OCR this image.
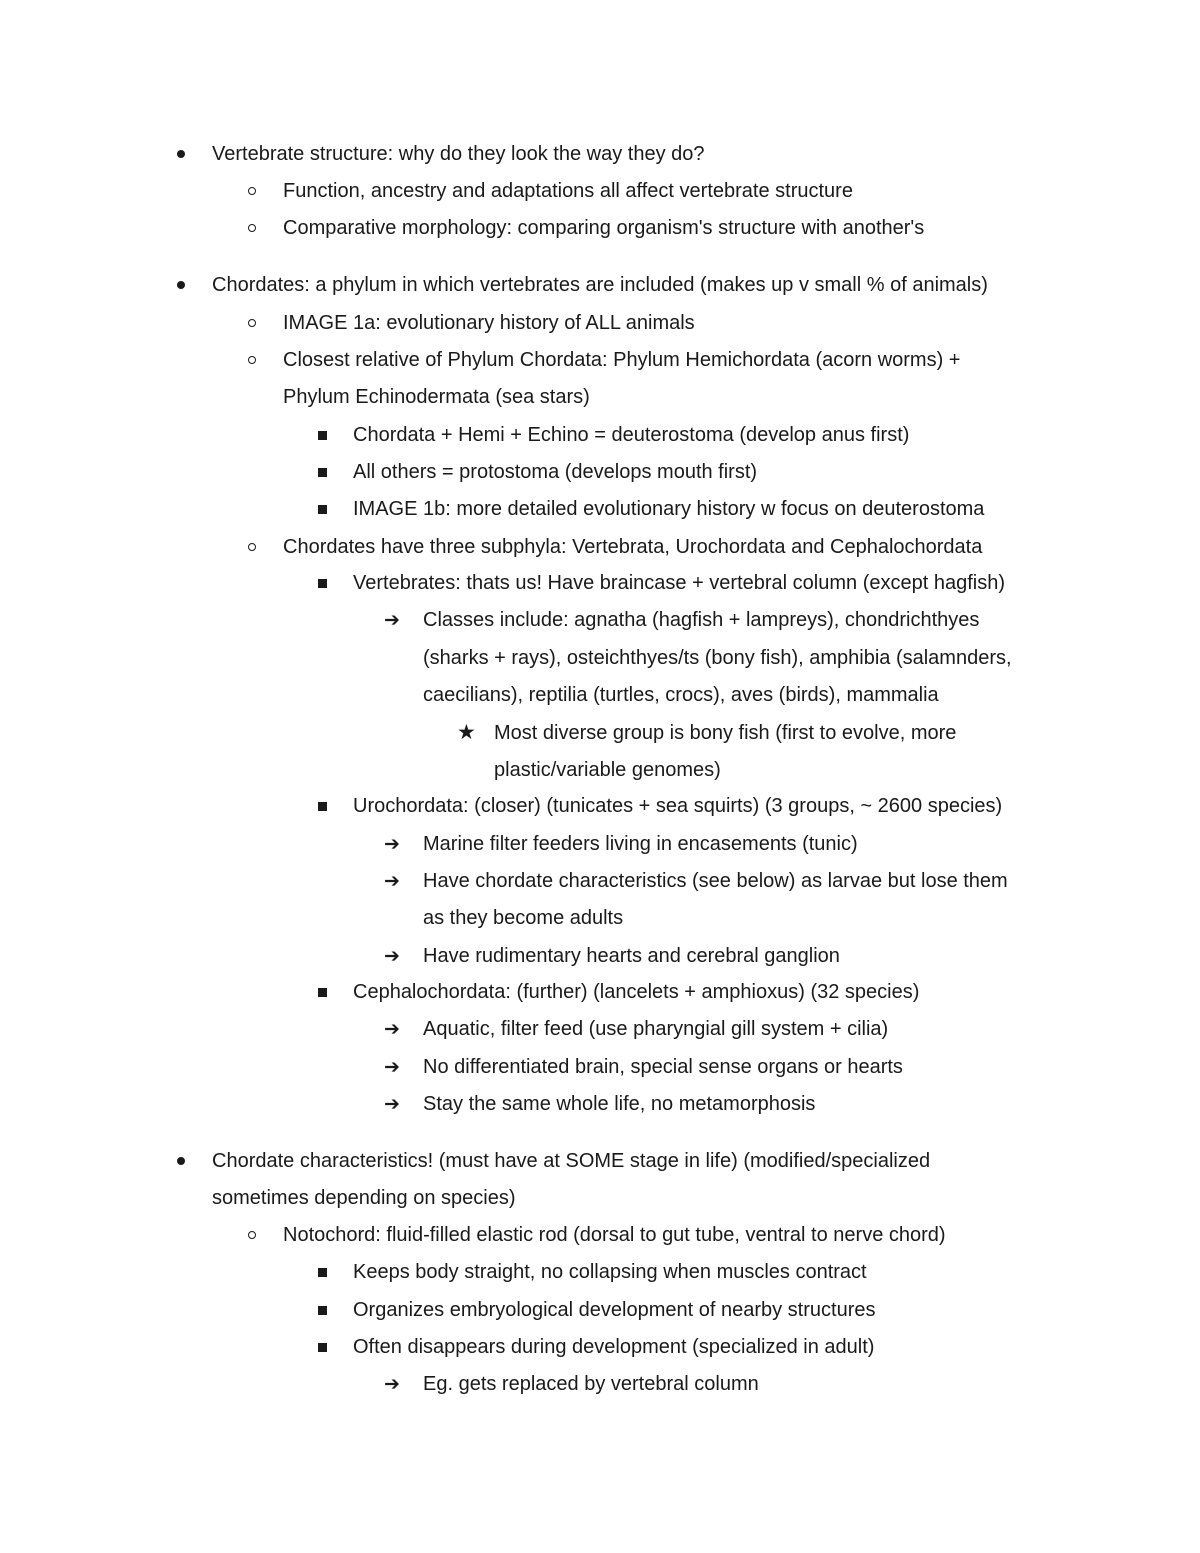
Vertebrate structure: why do they look the way they do?
Function, ancestry and adaptations all affect vertebrate structure
Comparative morphology: comparing organism's structure with another's
Chordates: a phylum in which vertebrates are included (makes up v small % of animals)
IMAGE 1a: evolutionary history of ALL animals
Closest relative of Phylum Chordata: Phylum Hemichordata (acorn worms) +
Phylum Echinodermata (sea stars)
Chordata + Hemi + Echino = deuterostoma (develop anus first)
All others = protostoma (develops mouth first)
IMAGE 1b: more detailed evolutionary history w focus on deuterostoma
Chordates have three subphyla: Vertebrata, Urochordata and Cephalochordata
Vertebrates: thats us! Have braincase + vertebral column (except hagfish)
➔ Classes include: agnatha (hagfish + lampreys), chondrichthyes
(sharks + rays), osteichthyes/ts (bony fish), amphibia (salamnders,
caecilians), reptilia (turtles, crocs), aves (birds), mammalia
★ Most diverse group is bony fish (first to evolve, more
plastic/variable genomes)
Urochordata: (closer) (tunicates + sea squirts) (3 groups, ~ 2600 species)
➔ Marine filter feeders living in encasements (tunic)
➔ Have chordate characteristics (see below) as larvae but lose them
as they become adults
➔ Have rudimentary hearts and cerebral ganglion
Cephalochordata: (further) (lancelets + amphioxus) (32 species)
➔ Aquatic, filter feed (use pharyngial gill system + cilia)
➔ No differentiated brain, special sense organs or hearts
➔ Stay the same whole life, no metamorphosis
Chordate characteristics! (must have at SOME stage in life) (modified/specialized
sometimes depending on species)
Notochord: fluid-filled elastic rod (dorsal to gut tube, ventral to nerve chord)
Keeps body straight, no collapsing when muscles contract
Organizes embryological development of nearby structures
Often disappears during development (specialized in adult)
➔ Eg. gets replaced by vertebral column
